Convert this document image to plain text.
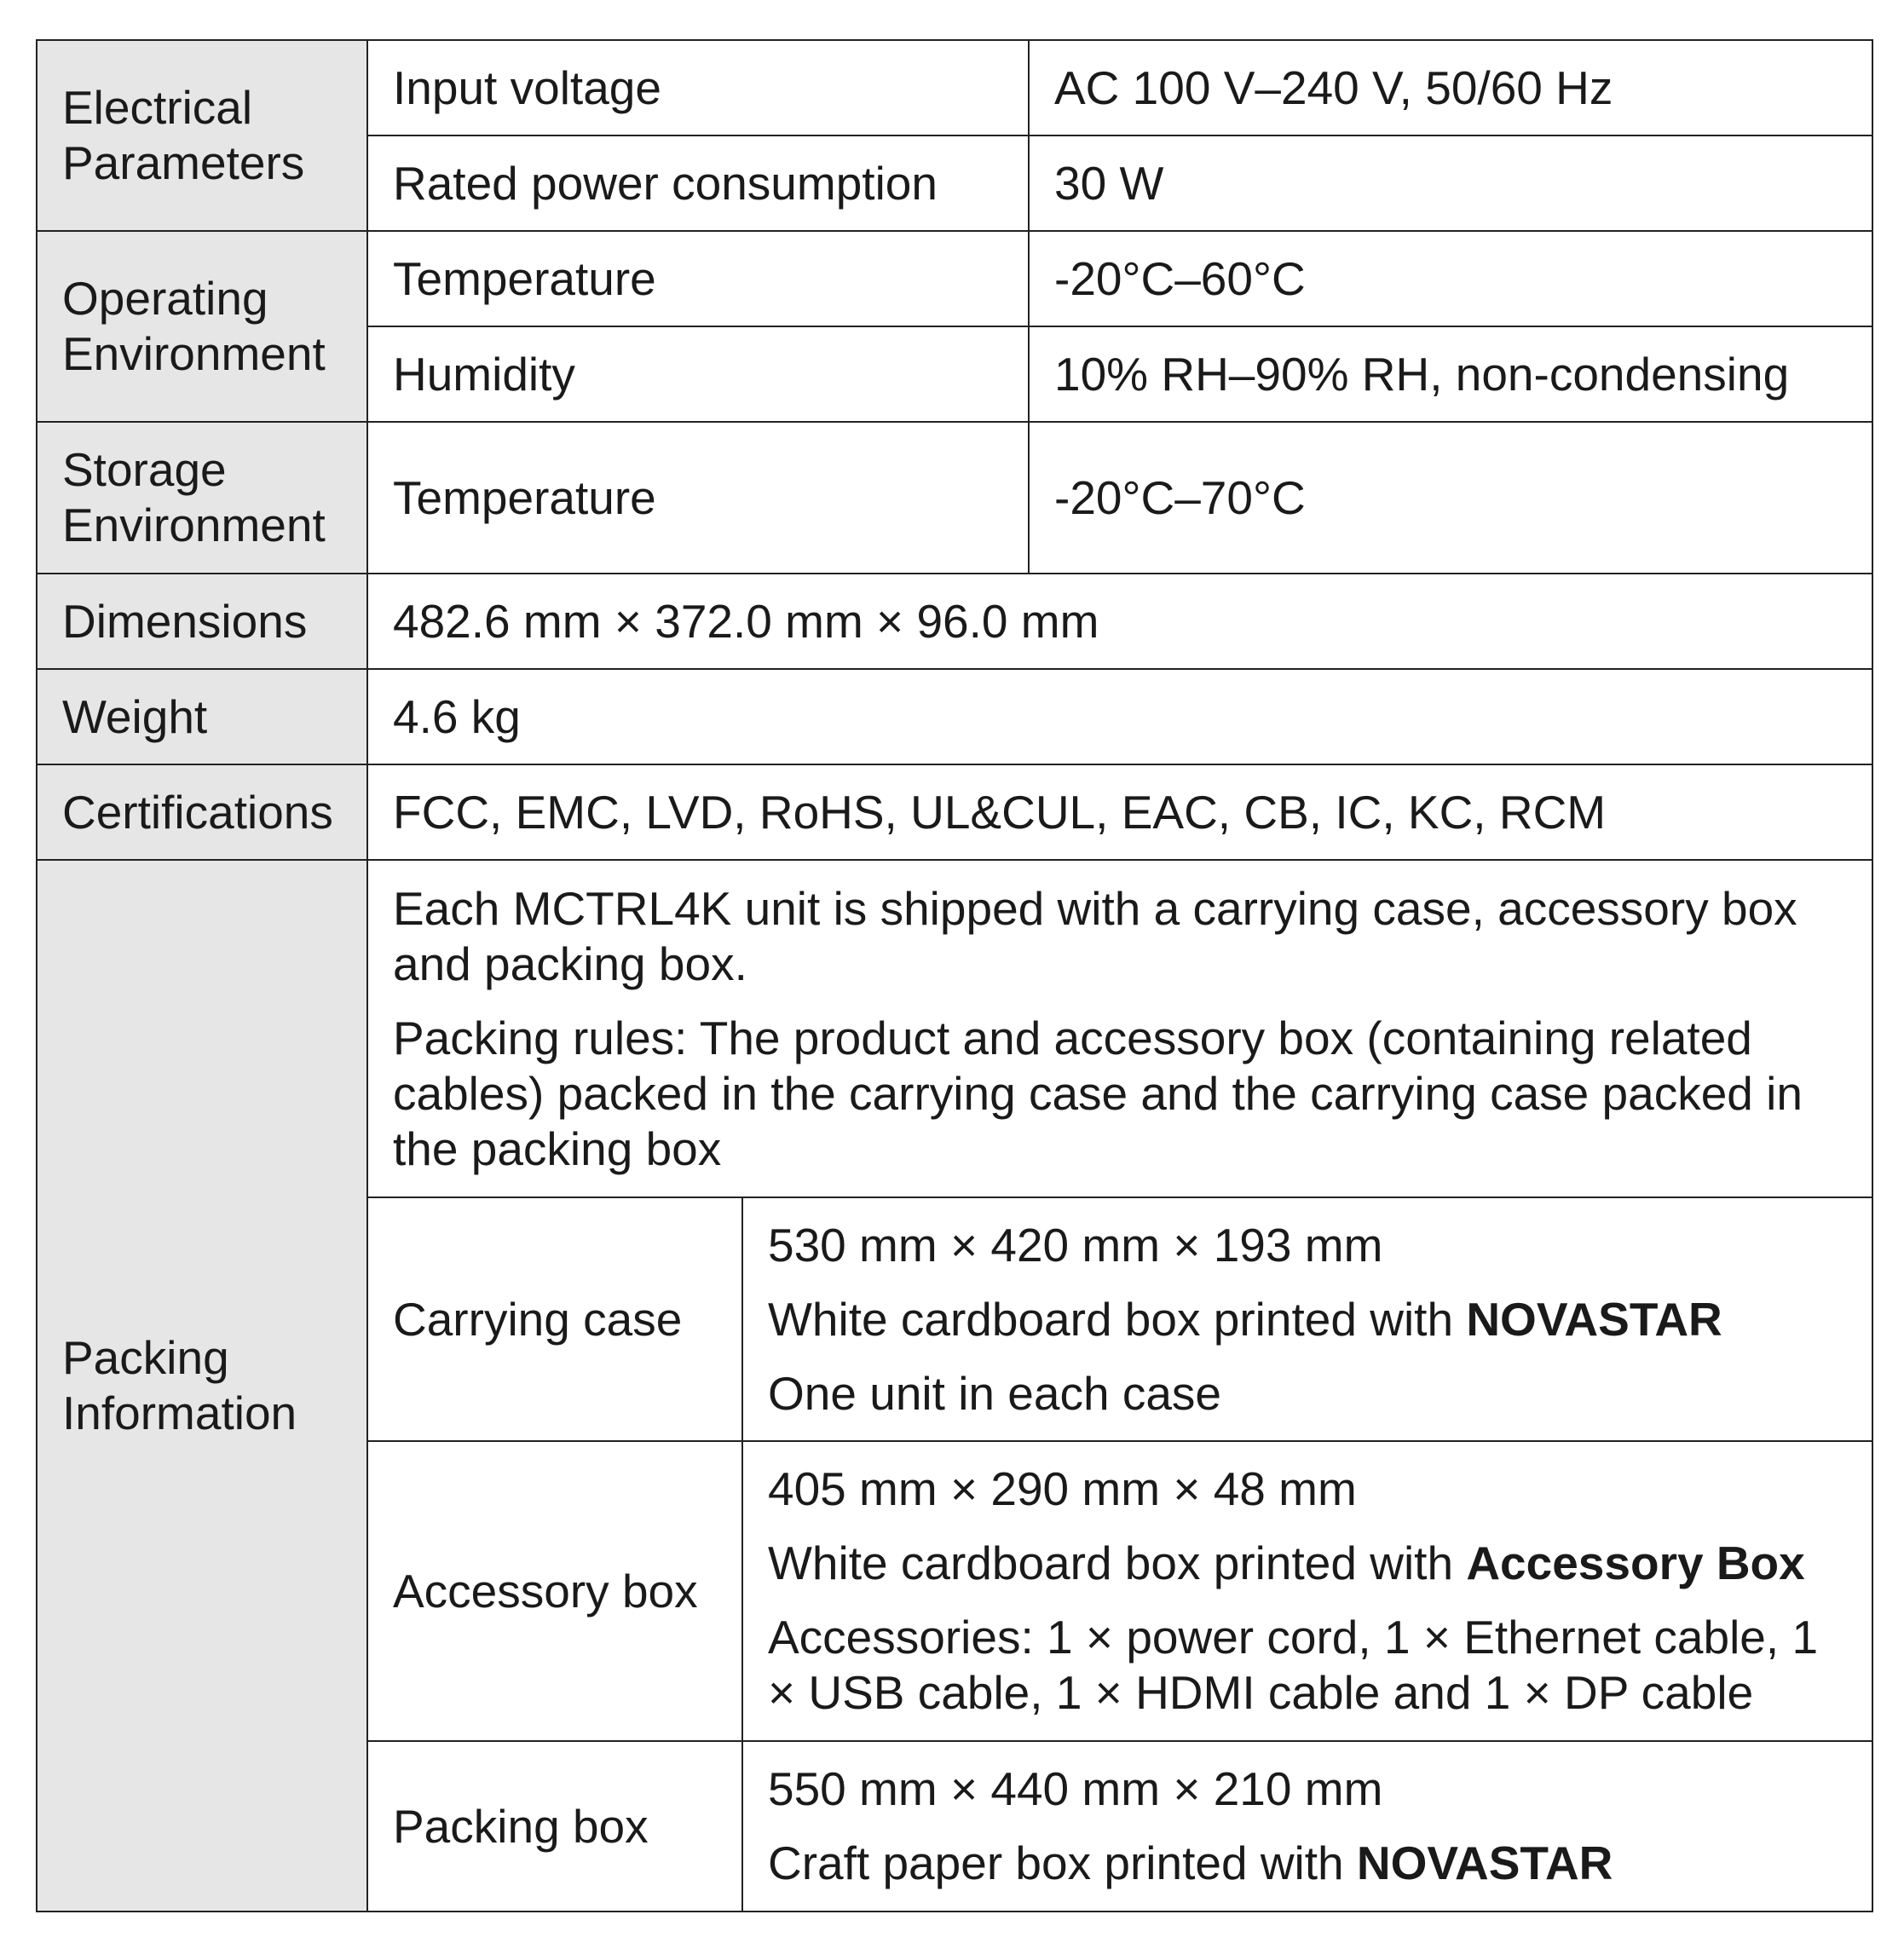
Electrical Parameters	Input voltage		AC 100 V–240 V, 50/60 Hz
	Rated power consumption		30 W
Operating Environment	Temperature		-20°C–60°C
	Humidity		10% RH–90% RH, non-condensing
Storage Environment	Temperature		-20°C–70°C
Dimensions	482.6 mm × 372.0 mm × 96.0 mm		
Weight	4.6 kg		
Certifications	FCC, EMC, LVD, RoHS, UL&CUL, EAC, CB, IC, KC, RCM		
Packing Information	Each MCTRL4K unit is shipped with a carrying case, accessory box and packing box.

Packing rules: The product and accessory box (containing related cables) packed in the carrying case and the carrying case packed in the packing box		

	Carrying case	530 mm × 420 mm × 193 mm

White cardboard box printed with NOVASTAR

One unit in each case	

	Accessory box	405 mm × 290 mm × 48 mm

White cardboard box printed with Accessory Box

Accessories: 1 × power cord, 1 × Ethernet cable, 1 × USB cable, 1 × HDMI cable and 1 × DP cable	

	Packing box	550 mm × 440 mm × 210 mm

Craft paper box printed with NOVASTAR	
